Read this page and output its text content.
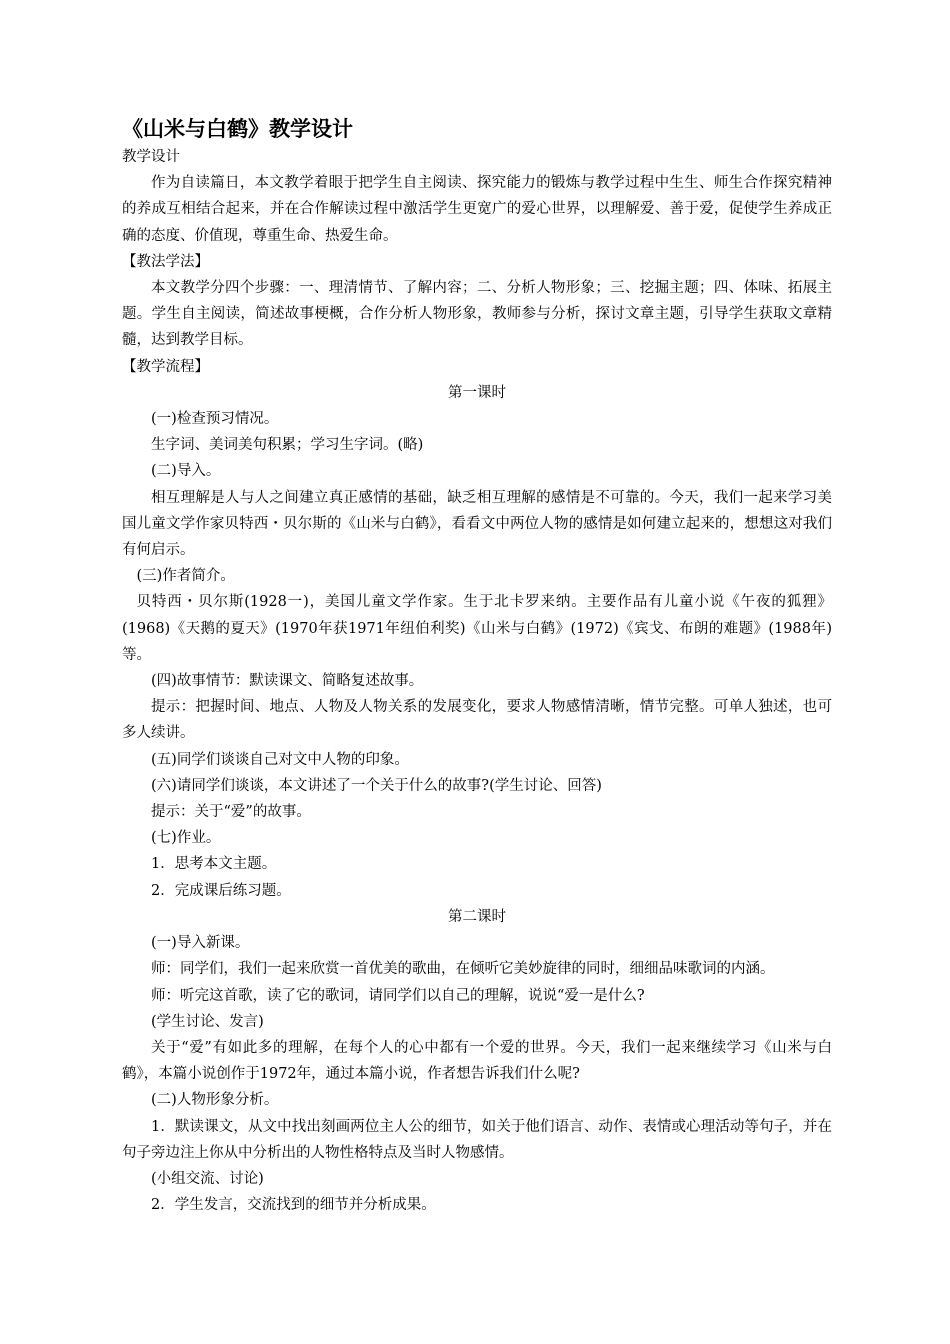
《山米与白鹤》教学设计

教学设计

作为自读篇日，本文教学着眼于把学生自主阅读、探究能力的锻炼与教学过程中生生、师生合作探究精神的养成互相结合起来，并在合作解读过程中激活学生更宽广的爱心世界，以理解爱、善于爱，促使学生养成正确的态度、价值现，尊重生命、热爱生命。

【教法学法】

本文教学分四个步骤：一、理清情节、了解内容；二、分析人物形象；三、挖掘主题；四、体味、拓展主题。学生自主阅读，简述故事梗概，合作分析人物形象，教师参与分析，探讨文章主题，引导学生获取文章精髓，达到教学目标。

【教学流程】

第一课时

(一)检查预习情况。

生字词、美词美句积累；学习生字词。(略)

(二)导入。

相互理解是人与人之间建立真正感情的基础，缺乏相互理解的感情是不可靠的。今天，我们一起来学习美国儿童文学作家贝特西・贝尔斯的《山米与白鹤》，看看文中两位人物的感情是如何建立起来的，想想这对我们有何启示。

(三)作者简介。

贝特西・贝尔斯(1928一)，美国儿童文学作家。生于北卡罗来纳。主要作品有儿童小说《午夜的狐狸》(1968)《天鹅的夏天》(1970年获1971年纽伯利奖)《山米与白鹤》(1972)《宾戈、布朗的难题》(1988年)等。

(四)故事情节：默读课文、简略复述故事。

提示：把握时间、地点、人物及人物关系的发展变化，要求人物感情清晰，情节完整。可单人独述，也可多人续讲。

(五)同学们谈谈自己对文中人物的印象。

(六)请同学们谈谈，本文讲述了一个关于什么的故事?(学生讨论、回答)

提示：关于“爱”的故事。

(七)作业。

1．思考本文主题。

2．完成课后练习题。

第二课时

(一)导入新课。

师：同学们，我们一起来欣赏一首优美的歌曲，在倾听它美妙旋律的同时，细细品味歌词的内涵。

师：听完这首歌，读了它的歌词，请同学们以自己的理解，说说“爱一是什么?

(学生讨论、发言)

关于“爱”有如此多的理解，在每个人的心中都有一个爱的世界。今天，我们一起来继续学习《山米与白鹤》，本篇小说创作于1972年，通过本篇小说，作者想告诉我们什么呢?

(二)人物形象分析。

1．默读课文，从文中找出刻画两位主人公的细节，如关于他们语言、动作、表情或心理活动等句子，并在句子旁边注上你从中分析出的人物性格特点及当时人物感情。

(小组交流、讨论)

2．学生发言，交流找到的细节并分析成果。
